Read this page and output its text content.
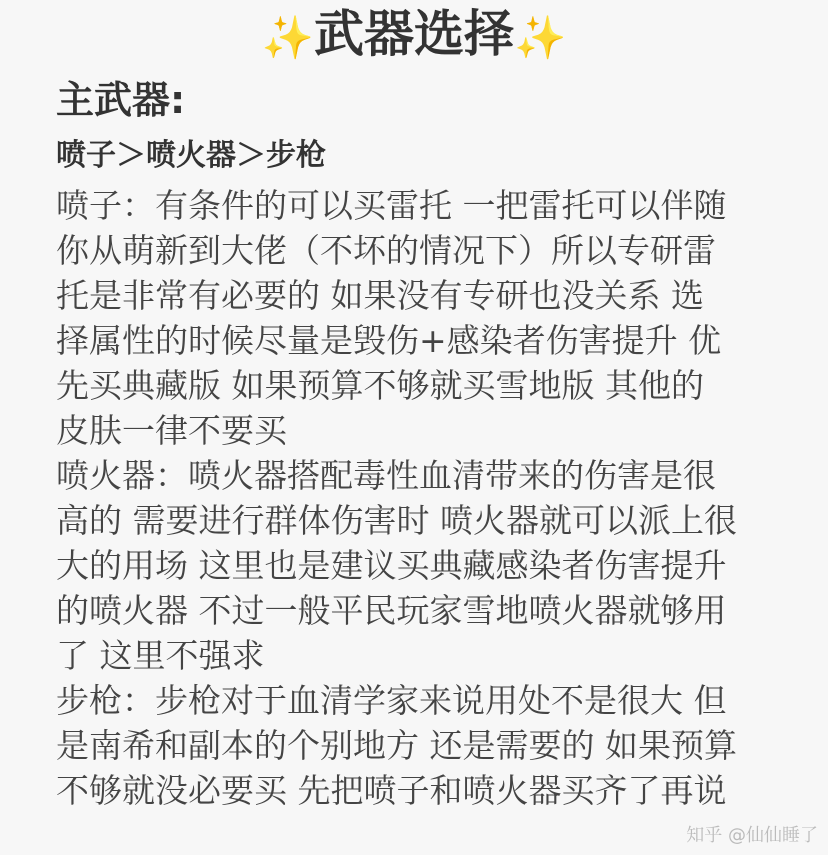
✨武器选择✨
主武器:
喷子＞喷火器＞步枪
喷子：有条件的可以买雷托 一把雷托可以伴随
你从萌新到大佬（不坏的情况下）所以专研雷
托是非常有必要的 如果没有专研也没关系 选
择属性的时候尽量是毁伤+感染者伤害提升 优
先买典藏版 如果预算不够就买雪地版 其他的
皮肤一律不要买
喷火器：喷火器搭配毒性血清带来的伤害是很
高的 需要进行群体伤害时 喷火器就可以派上很
大的用场 这里也是建议买典藏感染者伤害提升
的喷火器 不过一般平民玩家雪地喷火器就够用
了 这里不强求
步枪：步枪对于血清学家来说用处不是很大 但
是南希和副本的个别地方 还是需要的 如果预算
不够就没必要买 先把喷子和喷火器买齐了再说
知乎 @仙仙睡了
